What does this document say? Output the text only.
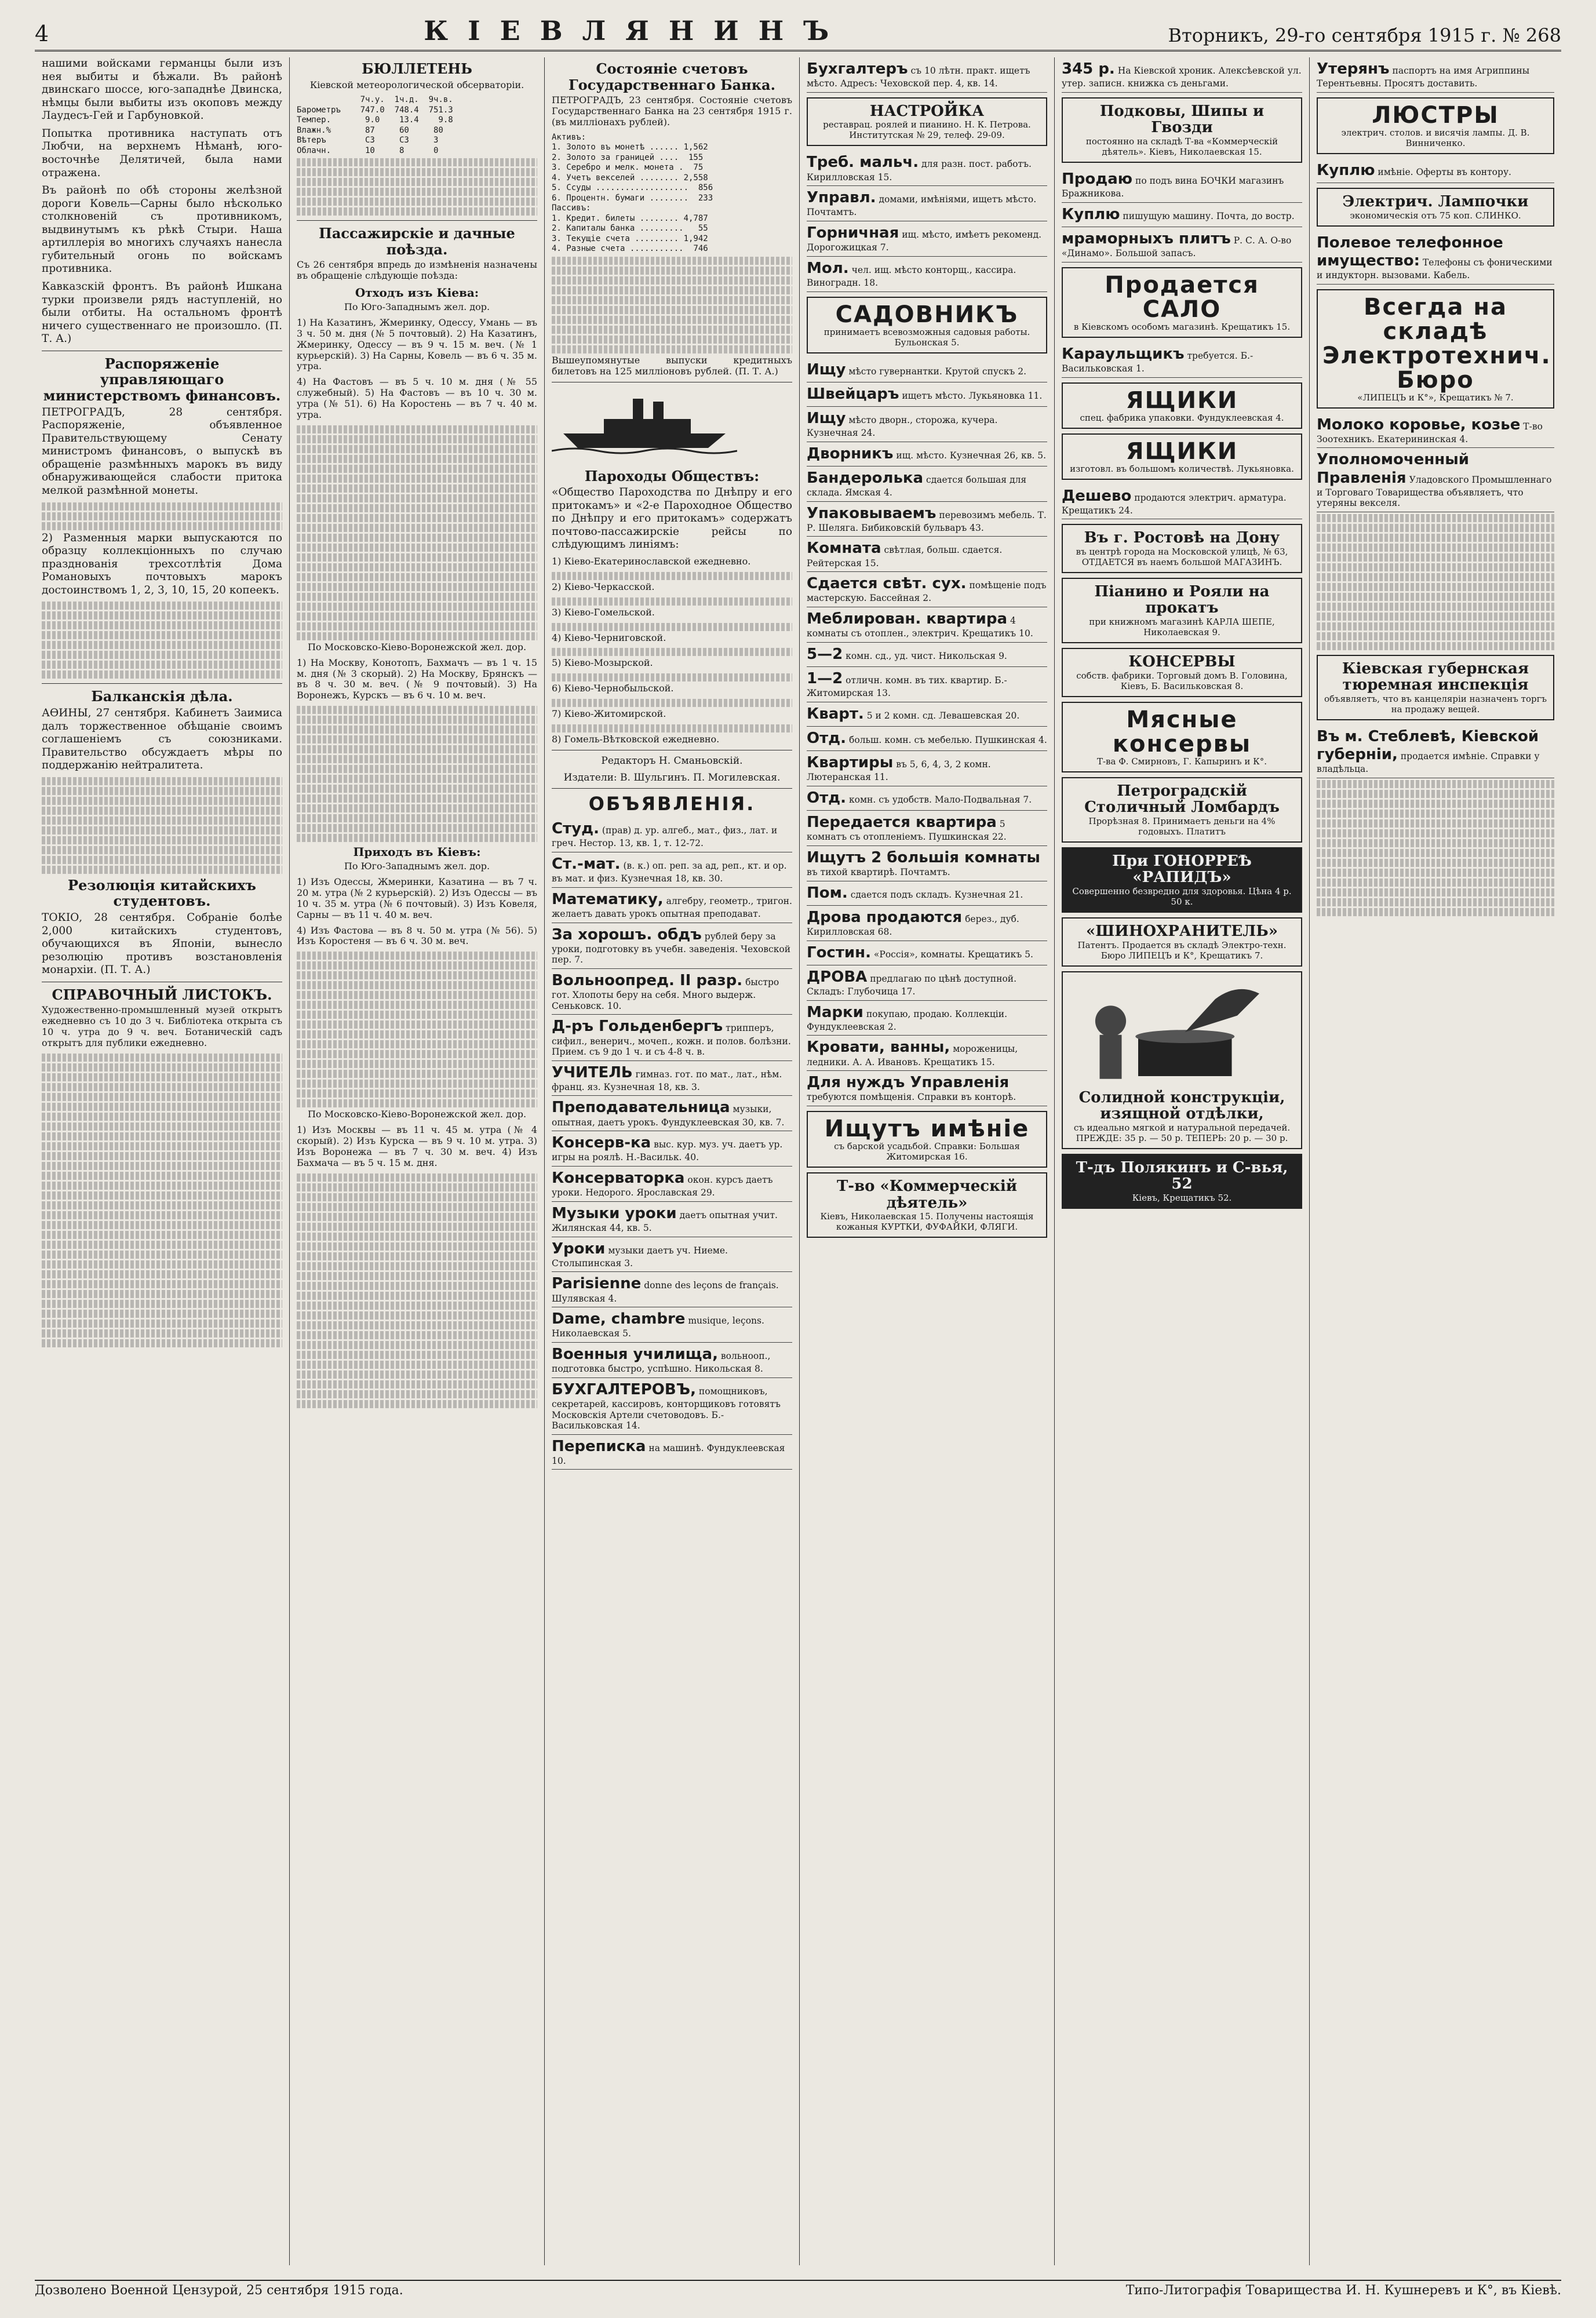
4	КІЕВЛЯНИНЪ	Вторникъ, 29-го сентября 1915 г. № 268

нашими войсками германцы были изъ нея выбиты и бѣжали. Въ районѣ двинскаго шоссе, юго-западнѣе Двинска, нѣмцы были выбиты изъ окоповъ между Лаудесъ-Гей и Гарбуновкой.

Попытка противника наступать отъ Любчи, на верхнемъ Нѣманѣ, юго-восточнѣе Делятичей, была нами отражена.

Въ районѣ по обѣ стороны желѣзной дороги Ковель—Сарны было нѣсколько столкновеній съ противникомъ, выдвинутымъ къ рѣкѣ Стыри. Наша артиллерія во многихъ случаяхъ нанесла губительный огонь по войскамъ противника.

Кавказскій фронтъ. Въ районѣ Ишкана турки произвели рядъ наступленій, но были отбиты. На остальномъ фронтѣ ничего существеннаго не произошло. (П. Т. А.)

Распоряженіе управляющаго министерствомъ финансовъ.

ПЕТРОГРАДЪ, 28 сентября. Распоряженіе, объявленное Правительствующему Сенату министромъ финансовъ, о выпускѣ въ обращеніе размѣнныхъ марокъ въ виду обнаруживающейся слабости притока мелкой размѣнной монеты.

2) Разменныя марки выпускаются по образцу коллекціонныхъ по случаю празднованія трехсотлѣтія Дома Романовыхъ почтовыхъ марокъ достоинствомъ 1, 2, 3, 10, 15, 20 копеекъ.

Балканскія дѣла.

АѲИНЫ, 27 сентября. Кабинетъ Заимиса далъ торжественное обѣщаніе своимъ соглашеніемъ съ союзниками. Правительство обсуждаетъ мѣры по поддержанію нейтралитета.

Резолюція китайскихъ студентовъ.

ТОКІО, 28 сентября. Собраніе болѣе 2,000 китайскихъ студентовъ, обучающихся въ Японіи, вынесло резолюцію противъ возстановленія монархіи. (П. Т. А.)

СПРАВОЧНЫЙ ЛИСТОКЪ.

Художественно-промышленный музей открытъ ежедневно съ 10 до 3 ч. Библіотека открыта съ 10 ч. утра до 9 ч. веч. Ботаническій садъ открытъ для публики ежедневно.

БЮЛЛЕТЕНЬ

Кіевской метеорологической обсерваторіи.

7ч.у.  1ч.д.  9ч.в.
Барометръ    747.0  748.4  751.3
Темпер.       9.0    13.4    9.8
Влажн.%       87     60     80
Вѣтеръ        С3     СЗ     З
Облачн.       10     8      0
Пассажирскіе и дачные поѣзда.

Съ 26 сентября впредь до измѣненія назначены въ обращеніе слѣдующіе поѣзда:

Отходъ изъ Кіева:

По Юго-Западнымъ жел. дор.

1) На Казатинъ, Жмеринку, Одессу, Умань — въ 3 ч. 50 м. дня (№ 5 почтовый). 2) На Казатинъ, Жмеринку, Одессу — въ 9 ч. 15 м. веч. (№ 1 курьерскій). 3) На Сарны, Ковель — въ 6 ч. 35 м. утра.

4) На Фастовъ — въ 5 ч. 10 м. дня (№ 55 служебный). 5) На Фастовъ — въ 10 ч. 30 м. утра (№ 51). 6) На Коростень — въ 7 ч. 40 м. утра.

По Московско-Кіево-Воронежской жел. дор.

1) На Москву, Конотопъ, Бахмачъ — въ 1 ч. 15 м. дня (№ 3 скорый). 2) На Москву, Брянскъ — въ 8 ч. 30 м. веч. (№ 9 почтовый). 3) На Воронежъ, Курскъ — въ 6 ч. 10 м. веч.

Приходъ въ Кіевъ:

По Юго-Западнымъ жел. дор.

1) Изъ Одессы, Жмеринки, Казатина — въ 7 ч. 20 м. утра (№ 2 курьерскій). 2) Изъ Одессы — въ 10 ч. 35 м. утра (№ 6 почтовый). 3) Изъ Ковеля, Сарны — въ 11 ч. 40 м. веч.

4) Изъ Фастова — въ 8 ч. 50 м. утра (№ 56). 5) Изъ Коростеня — въ 6 ч. 30 м. веч.

По Московско-Кіево-Воронежской жел. дор.

1) Изъ Москвы — въ 11 ч. 45 м. утра (№ 4 скорый). 2) Изъ Курска — въ 9 ч. 10 м. утра. 3) Изъ Воронежа — въ 7 ч. 30 м. веч. 4) Изъ Бахмача — въ 5 ч. 15 м. дня.

Состояніе счетовъ Государственнаго Банка.

ПЕТРОГРАДЪ, 23 сентября. Состояніе счетовъ Государственнаго Банка на 23 сентября 1915 г. (въ милліонахъ рублей).

Активъ:
1. Золото въ монетѣ ...... 1,562
2. Золото за границей ....  155
3. Серебро и мелк. монета .  75
4. Учетъ векселей ........ 2,558
5. Ссуды ...................  856
6. Процентн. бумаги ........  233
Пассивъ:
1. Кредит. билеты ........ 4,787
2. Капиталы банка .........   55
3. Текущіе счета ......... 1,942
4. Разные счета ...........  746

Вышеупомянутые выпуски кредитныхъ билетовъ на 125 милліоновъ рублей. (П. Т. А.)

Пароходы Обществъ:

«Общество Пароходства по Днѣпру и его притокамъ» и «2-е Пароходное Общество по Днѣпру и его притокамъ» содержатъ почтово-пассажирскіе рейсы по слѣдующимъ линіямъ:

1) Кіево-Екатеринославской ежедневно.

2) Кіево-Черкасской.

3) Кіево-Гомельской.

4) Кіево-Черниговской.

5) Кіево-Мозырской.

6) Кіево-Чернобыльской.

7) Кіево-Житомирской.

8) Гомель-Вѣтковской ежедневно.

Редакторъ Н. Сманьовскій.

Издатели: В. Шульгинъ. П. Могилевская.

ОБЪЯВЛЕНІЯ.
Студ. (прав) д. ур. алгеб., мат., физ., лат. и греч. Нестор. 13, кв. 1, т. 12-72.
Ст.-мат. (в. к.) оп. реп. за ад, реп., кт. и ор. въ мат. и физ. Кузнечная 18, кв. 30.
Математику, алгебру, геометр., тригон. желаетъ давать урокъ опытная преподават.
За хорошъ. обдъ рублей беру за уроки, подготовку въ учебн. заведенія. Чеховской пер. 7.
Вольноопред. II разр. быстро гот. Хлопоты беру на себя. Много выдерж. Сеньковск. 10.
Д-ръ Гольденбергъ трипперъ, сифил., венерич., мочеп., кожн. и полов. болѣзни. Прием. съ 9 до 1 ч. и съ 4-8 ч. в.
УЧИТЕЛЬ гимназ. гот. по мат., лат., нѣм. франц. яз. Кузнечная 18, кв. 3.
Преподавательница музыки, опытная, даетъ урокъ. Фундуклеевская 30, кв. 7.
Консерв-ка выс. кур. муз. уч. даетъ ур. игры на роялѣ. Н.-Васильк. 40.
Консерваторка окон. курсъ даетъ уроки. Недорого. Ярославская 29.
Музыки уроки даетъ опытная учит. Жилянская 44, кв. 5.
Уроки музыки даетъ уч. Ниеме. Столыпинская 3.
Parisienne donne des leçons de français. Шулявская 4.
Dame, chambre musique, leçons. Николаевская 5.
Военныя училища, вольнооп., подготовка быстро, успѣшно. Никольская 8.
БУХГАЛТЕРОВЪ, помощниковъ, секретарей, кассировъ, конторщиковъ готовятъ Московскія Артели счетоводовъ. Б.-Васильковская 14.
Переписка на машинѣ. Фундуклеевская 10.
Бухгалтеръ съ 10 лѣтн. практ. ищетъ мѣсто. Адресъ: Чеховской пер. 4, кв. 14.
НАСТРОЙКА
реставрац. роялей и пианино. Н. К. Петрова. Институтская № 29, телеф. 29-09.
Треб. мальч. для разн. пост. работъ. Кирилловская 15.
Управл. домами, имѣніями, ищетъ мѣсто. Почтамтъ.
Горничная ищ. мѣсто, имѣетъ рекоменд. Дорогожицкая 7.
Мол. чел. ищ. мѣсто конторщ., кассира. Виноградн. 18.
САДОВНИКЪ
принимаетъ всевозможныя садовыя работы. Бульонская 5.
Ищу мѣсто гувернантки. Крутой спускъ 2.
Швейцаръ ищетъ мѣсто. Лукьяновка 11.
Ищу мѣсто дворн., сторожа, кучера. Кузнечная 24.
Дворникъ ищ. мѣсто. Кузнечная 26, кв. 5.
Бандеролька сдается большая для склада. Ямская 4.
Упаковываемъ перевозимъ мебель. Т. Р. Шеляга. Бибиковскій бульваръ 43.
Комната свѣтлая, больш. сдается. Рейтерская 15.
Сдается свѣт. сух. помѣщеніе подъ мастерскую. Бассейная 2.
Меблирован. квартира 4 комнаты съ отоплен., электрич. Крещатикъ 10.
5—2 комн. сд., уд. чист. Никольская 9.
1—2 отличн. комн. въ тих. квартир. Б.-Житомирская 13.
Кварт. 5 и 2 комн. сд. Левашевская 20.
Отд. больш. комн. съ мебелью. Пушкинская 4.
Квартиры въ 5, 6, 4, 3, 2 комн. Лютеранская 11.
Отд. комн. съ удобств. Мало-Подвальная 7.
Передается квартира 5 комнатъ съ отопленіемъ. Пушкинская 22.
Ищутъ 2 большія комнаты въ тихой квартирѣ. Почтамтъ.
Пом. сдается подъ складъ. Кузнечная 21.
Дрова продаются берез., дуб. Кирилловская 68.
Гостин. «Россія», комнаты. Крещатикъ 5.
ДРОВА предлагаю по цѣнѣ доступной. Складъ: Глубочица 17.
Марки покупаю, продаю. Коллекціи. Фундуклеевская 2.
Кровати, ванны, мороженицы, ледники. А. А. Ивановъ. Крещатикъ 15.
Для нуждъ Управленія требуются помѣщенія. Справки въ конторѣ.
Ищутъ имѣніе
съ барской усадьбой. Справки: Большая Житомирская 16.
Т-во «Коммерческій дѣятель»
Кіевъ, Николаевская 15. Получены настоящія кожаныя КУРТКИ, ФУФАЙКИ, ФЛЯГИ.
345 р. На Кіевской хроник. Алексѣевской ул. утер. записн. книжка съ деньгами.
Подковы, Шипы и Гвозди
постоянно на складѣ Т-ва «Коммерческій дѣятель». Кіевъ, Николаевская 15.
Продаю по подъ вина БОЧКИ магазинъ Бражникова.
Куплю пишущую машину. Почта, до востр.
мраморныхъ плитъ Р. С. А. О-во «Динамо». Большой запасъ.
Продается САЛО
в Кіевскомъ особомъ магазинѣ. Крещатикъ 15.
Караульщикъ требуется. Б.-Васильковская 1.
ЯЩИКИ
спец. фабрика упаковки. Фундуклеевская 4.
ЯЩИКИ
изготовл. въ большомъ количествѣ. Лукьяновка.
Дешево продаются электрич. арматура. Крещатикъ 24.
Въ г. Ростовѣ на Дону
въ центрѣ города на Московской улицѣ, № 63, ОТДАЕТСЯ въ наемъ большой МАГАЗИНЪ.
Піанино и Рояли на прокатъ
при книжномъ магазинѣ КАРЛА ШЕПЕ, Николаевская 9.
КОНСЕРВЫ
собств. фабрики. Торговый домъ В. Головина, Кіевъ, Б. Васильковская 8.
Мясные консервы
Т-ва Ф. Смирновъ, Г. Капыринъ и К°.
Петроградскій Столичный Ломбардъ
Прорѣзная 8. Принимаетъ деньги на 4% годовыхъ. Платитъ
При ГОНОРРЕѢ «РАПИДЪ»
Совершенно безвредно для здоровья. Цѣна 4 р. 50 к.
«ШИНОХРАНИТЕЛЬ»
Патентъ. Продается въ складѣ Электро-техн. Бюро ЛИПЕЦЪ и К°, Крещатикъ 7.
Солидной конструкціи, изящной отдѣлки,
съ идеально мягкой и натуральной передачей. ПРЕЖДЕ: 35 р. — 50 р. ТЕПЕРЬ: 20 р. — 30 р.
Т-дъ Полякинъ и С-вья, 52
Кіевъ, Крещатикъ 52.
Утерянъ паспортъ на имя Агриппины Терентьевны. Просятъ доставить.
ЛЮСТРЫ
электрич. столов. и висячія лампы. Д. В. Винниченко.
Куплю имѣніе. Оферты въ контору.
Электрич. Лампочки
экономическія отъ 75 коп. СЛИНКО.
Полевое телефонное имущество: Телефоны съ фоническими и индукторн. вызовами. Кабель.
Всегда на складѣ Электротехнич. Бюро
«ЛИПЕЦЪ и К°», Крещатикъ № 7.
Молоко коровье, козье Т-во Зоотехникъ. Екатерининская 4.
Уполномоченный Правленія Уладовского Промышленнаго и Торговаго Товарищества объявляетъ, что утеряны векселя.
Кіевская губернская тюремная инспекція
объявляетъ, что въ канцеляріи назначенъ торгъ на продажу вещей.
Въ м. Стеблевѣ, Кіевской губерніи, продается имѣніе. Справки у владѣльца.
Дозволено Военной Цензурой, 25 сентября 1915 года.	Типо-Литографія Товарищества И. Н. Кушнеревъ и К°, въ Кіевѣ.
